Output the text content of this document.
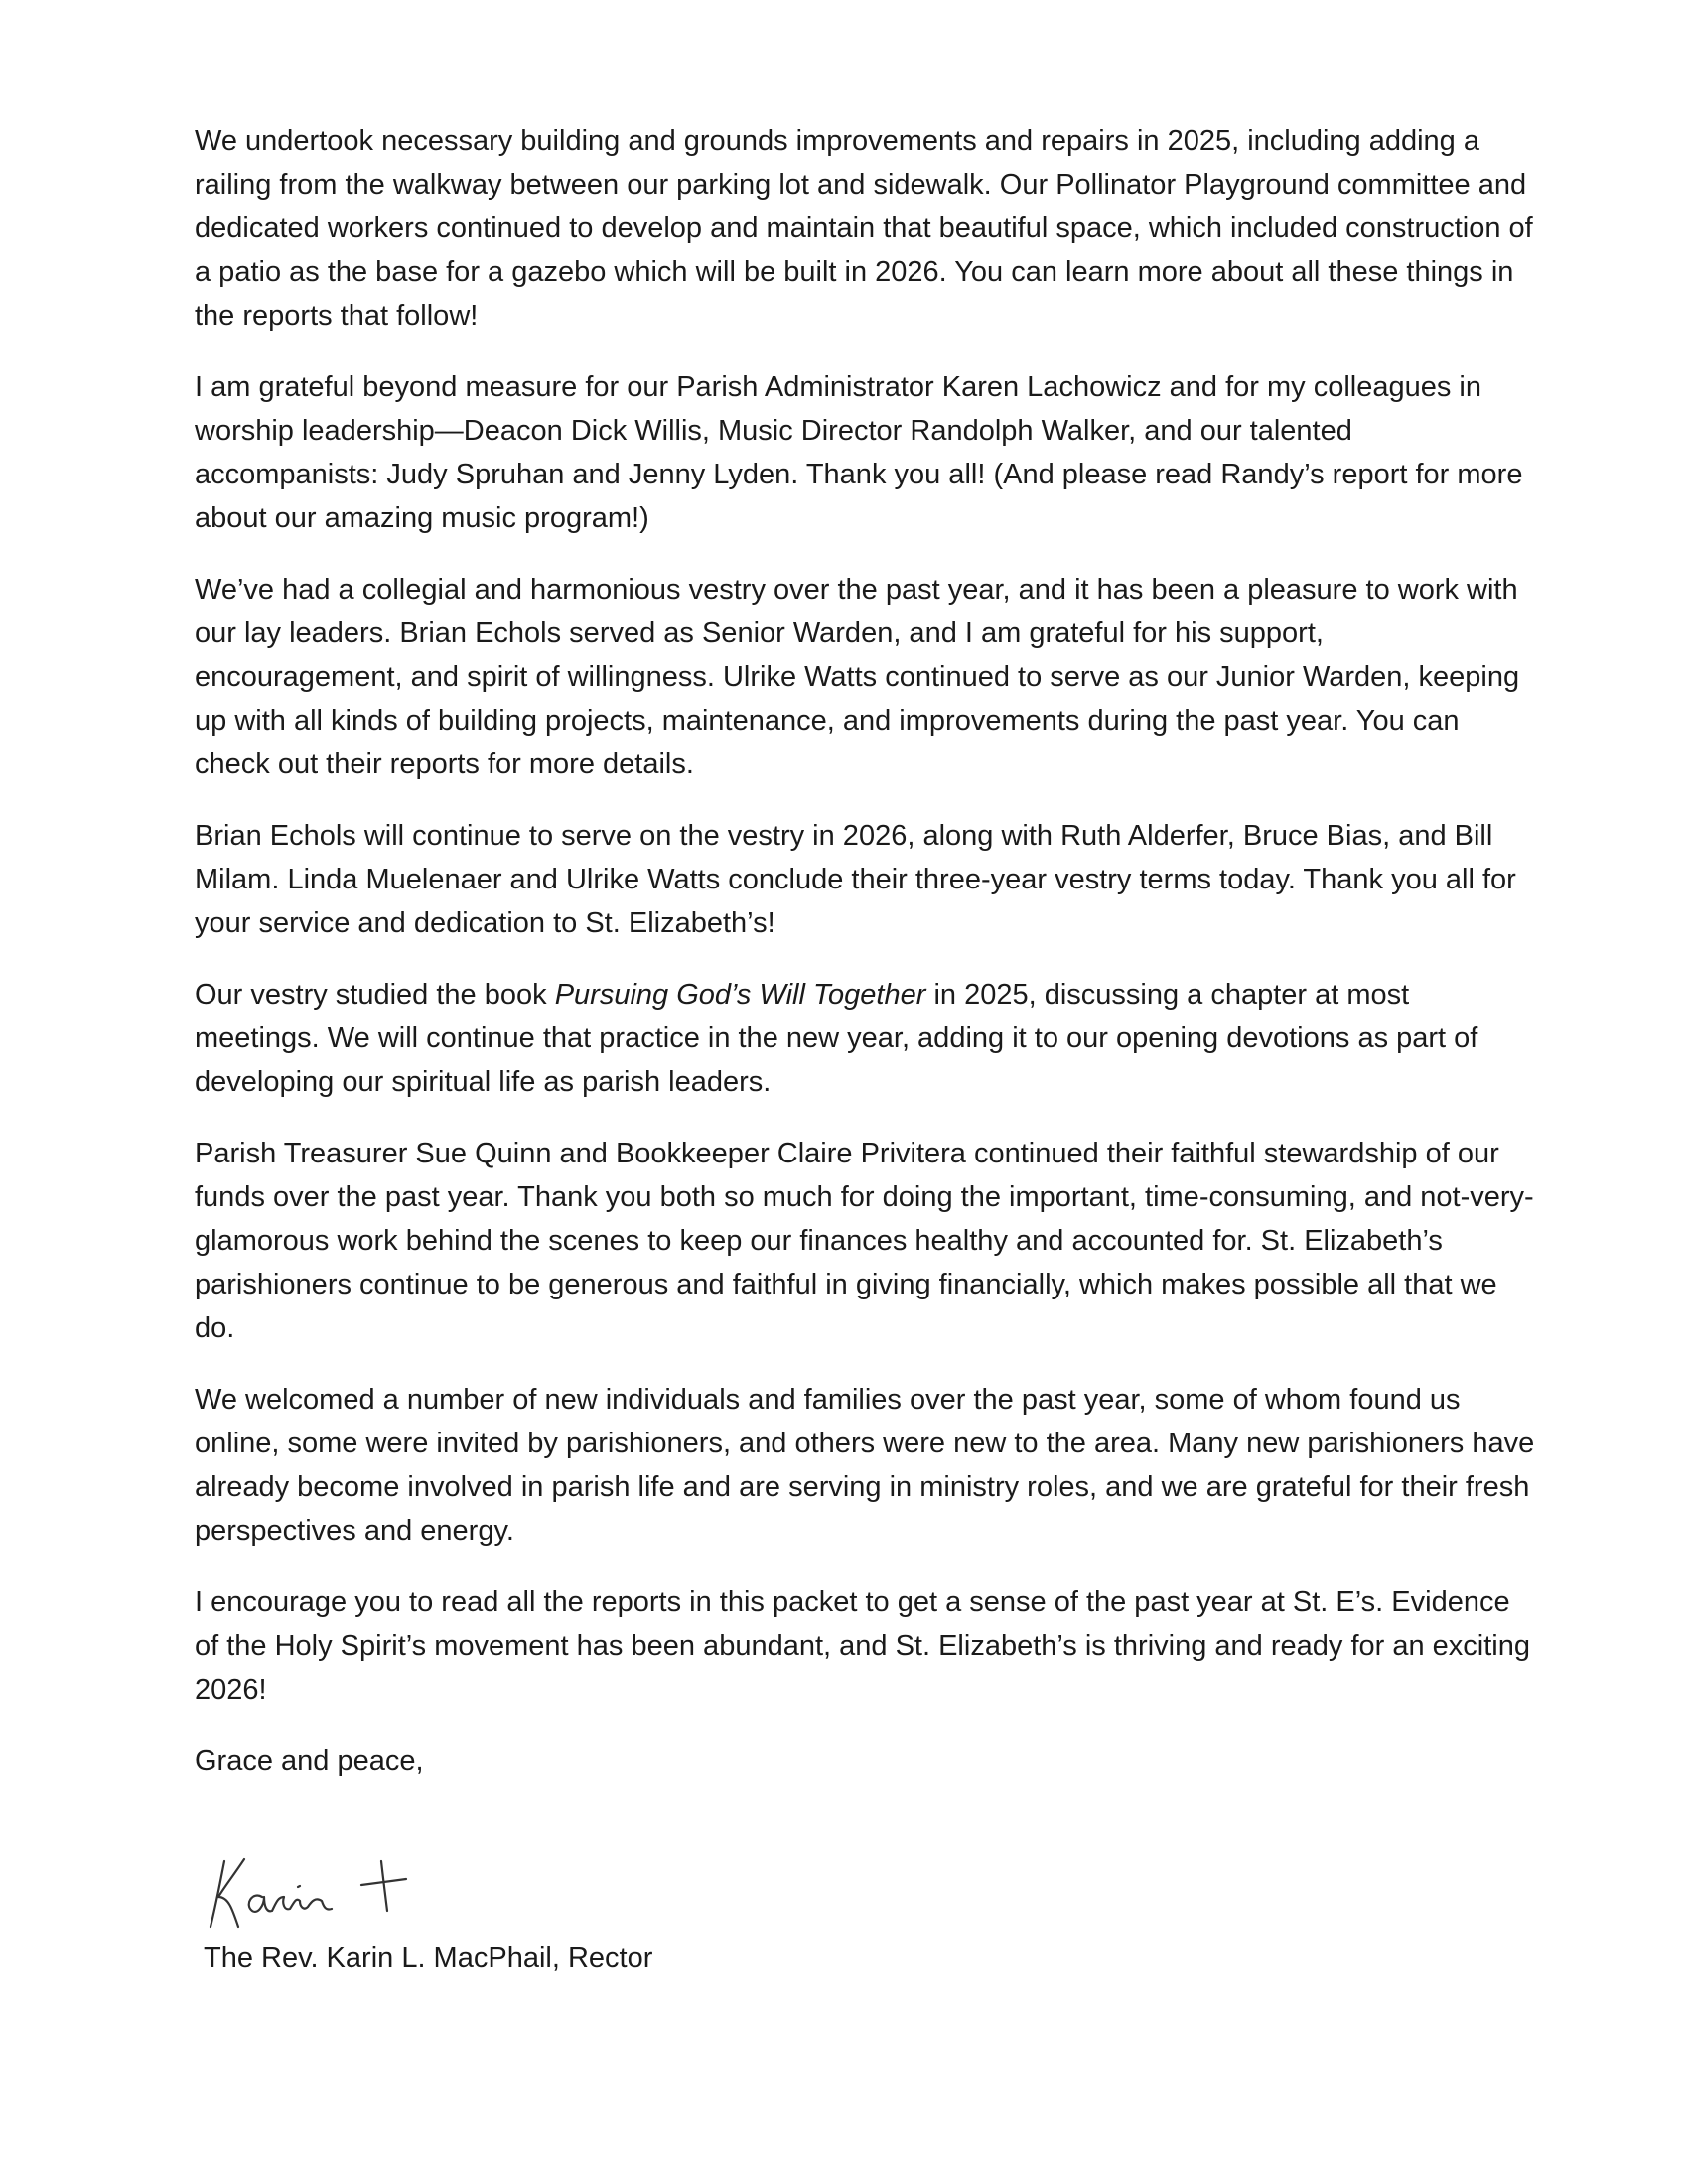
We undertook necessary building and grounds improvements and repairs in 2025, including adding a railing from the walkway between our parking lot and sidewalk. Our Pollinator Playground committee and dedicated workers continued to develop and maintain that beautiful space, which included construction of a patio as the base for a gazebo which will be built in 2026. You can learn more about all these things in the reports that follow!

I am grateful beyond measure for our Parish Administrator Karen Lachowicz and for my colleagues in worship leadership—Deacon Dick Willis, Music Director Randolph Walker, and our talented accompanists: Judy Spruhan and Jenny Lyden. Thank you all! (And please read Randy’s report for more about our amazing music program!)

We’ve had a collegial and harmonious vestry over the past year, and it has been a pleasure to work with our lay leaders. Brian Echols served as Senior Warden, and I am grateful for his support, encouragement, and spirit of willingness. Ulrike Watts continued to serve as our Junior Warden, keeping up with all kinds of building projects, maintenance, and improvements during the past year. You can check out their reports for more details.

Brian Echols will continue to serve on the vestry in 2026, along with Ruth Alderfer, Bruce Bias, and Bill Milam. Linda Muelenaer and Ulrike Watts conclude their three-year vestry terms today. Thank you all for your service and dedication to St. Elizabeth’s!

Our vestry studied the book Pursuing God’s Will Together in 2025, discussing a chapter at most meetings. We will continue that practice in the new year, adding it to our opening devotions as part of developing our spiritual life as parish leaders.

Parish Treasurer Sue Quinn and Bookkeeper Claire Privitera continued their faithful stewardship of our funds over the past year. Thank you both so much for doing the important, time-consuming, and not-very-glamorous work behind the scenes to keep our finances healthy and accounted for. St. Elizabeth’s parishioners continue to be generous and faithful in giving financially, which makes possible all that we do.

We welcomed a number of new individuals and families over the past year, some of whom found us online, some were invited by parishioners, and others were new to the area. Many new parishioners have already become involved in parish life and are serving in ministry roles, and we are grateful for their fresh perspectives and energy.

I encourage you to read all the reports in this packet to get a sense of the past year at St. E’s. Evidence of the Holy Spirit’s movement has been abundant, and St. Elizabeth’s is thriving and ready for an exciting 2026!

Grace and peace,

The Rev. Karin L. MacPhail, Rector
